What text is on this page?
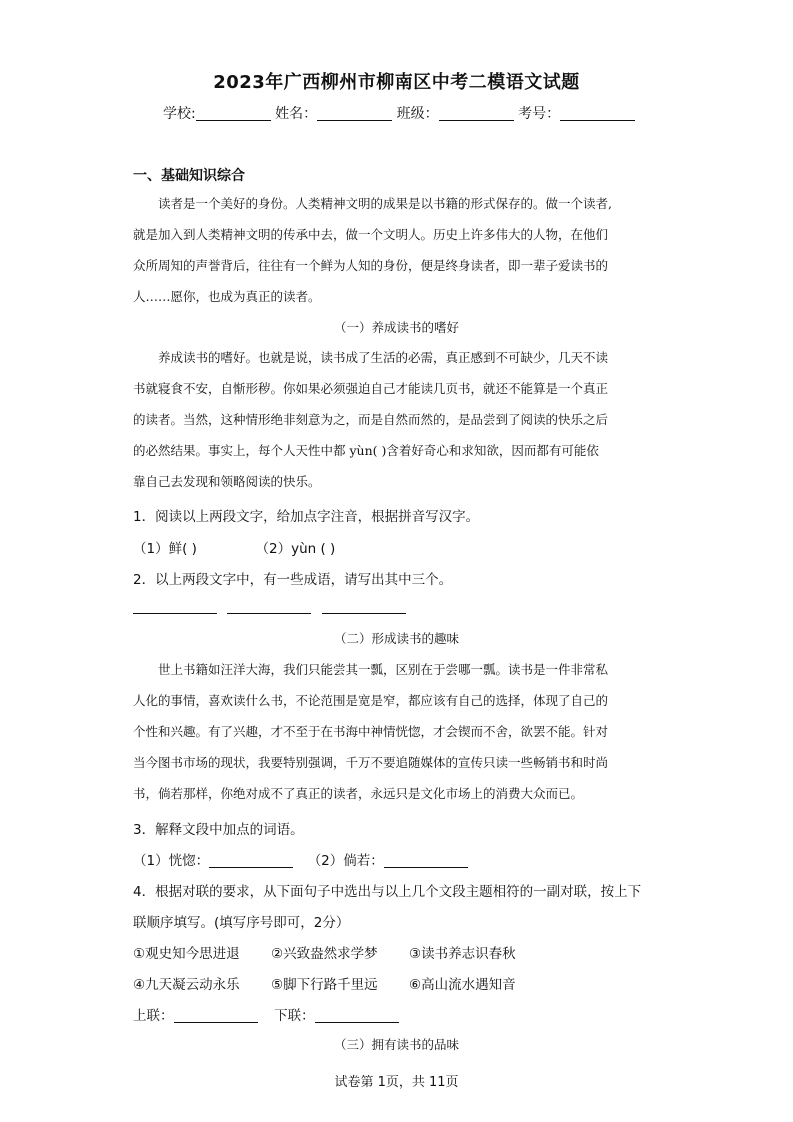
2023年广西柳州市柳南区中考二模语文试题
学校:	姓名：	班级：	考号：
一、基础知识综合
读者是一个美好的身份。人类精神文明的成果是以书籍的形式保存的。做一个读者,
就是加入到人类精神文明的传承中去，做一个文明人。历史上许多伟大的人物，在他们
众所周知的声誉背后，往往有一个鲜为人知的身份，便是终身读者，即一辈子爱读书的
人……愿你，也成为真正的读者。
（一）养成读书的嗜好
养成读书的嗜好。也就是说，读书成了生活的必需，真正感到不可缺少，几天不读
书就寝食不安，自惭形秽。你如果必须强迫自己才能读几页书，就还不能算是一个真正
的读者。当然，这种情形绝非刻意为之，而是自然而然的，是品尝到了阅读的快乐之后
的必然结果。事实上，每个人天性中都 yùn( )含着好奇心和求知欲，因而都有可能依
靠自己去发现和领略阅读的快乐。
1．阅读以上两段文字，给加点字注音，根据拼音写汉字。
（1）鲜( )	（2）yùn ( )
2．以上两段文字中，有一些成语，请写出其中三个。

（二）形成读书的趣味
世上书籍如汪洋大海，我们只能尝其一瓢，区别在于尝哪一瓢。读书是一件非常私
人化的事情，喜欢读什么书，不论范围是宽是窄，都应该有自己的选择，体现了自己的
个性和兴趣。有了兴趣，才不至于在书海中神情恍惚，才会锲而不舍，欲罢不能。针对
当今图书市场的现状，我要特别强调，千万不要追随媒体的宣传只读一些畅销书和时尚
书，倘若那样，你绝对成不了真正的读者，永远只是文化市场上的消费大众而已。
3．解释文段中加点的词语。
（1）恍惚：	（2）倘若：
4．根据对联的要求，从下面句子中选出与以上几个文段主题相符的一副对联，按上下
联顺序填写。(填写序号即可，2分）
①观史知今思进退 ②兴致盎然求学梦 ③读书养志识春秋
④九天凝云动永乐 ⑤脚下行路千里远 ⑥高山流水遇知音
上联：	下联：
（三）拥有读书的品味
试卷第 1页，共 11页
